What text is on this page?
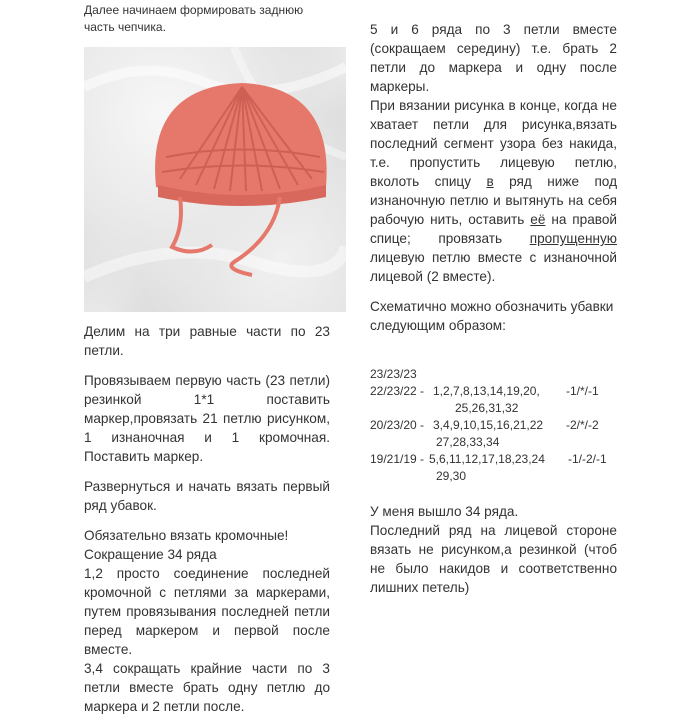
Далее начинаем формировать заднюю часть чепчика.

Делим на три равные части по 23 петли.

Провязываем первую часть (23 петли) резинкой 1*1 поставить маркер,провязать 21 петлю рисунком, 1 изнаночная и 1 кромочная. Поставить маркер.

Развернуться и начать вязать первый ряд убавок.

Обязательно вязать кромочные!

Сокращение 34 ряда

1,2 просто соединение последней кромочной с петлями за маркерами, путем провязывания последней петли перед маркером и первой после вместе.

3,4 сокращать крайние части по 3 петли вместе брать одну петлю до маркера и 2 петли после.

5 и 6 ряда по 3 петли вместе (сокращаем середину) т.е. брать 2 петли до маркера и одну после маркеры.

При вязании рисунка в конце, когда не хватает петли для рисунка,вязать последний сегмент узора без накида, т.е. пропустить лицевую петлю, вколоть спицу в ряд ниже под изнаночную петлю и вытянуть на себя рабочую нить, оставить её на правой спице; провязать пропущенную лицевую петлю вместе с изнаночной лицевой (2 вместе).

Схематично можно обозначить убавки следующим образом:

23/23/23
22/23/22 - 1,2,7,8,13,14,19,20, -1/*/-1
25,26,31,32
20/23/20 - 3,4,9,10,15,16,21,22 -2/*/-2
27,28,33,34
19/21/19 - 5,6,11,12,17,18,23,24 -1/-2/-1
29,30

У меня вышло 34 ряда.

Последний ряд на лицевой стороне вязать не рисунком,а резинкой (чтоб не было накидов и соответственно лишних петель)
